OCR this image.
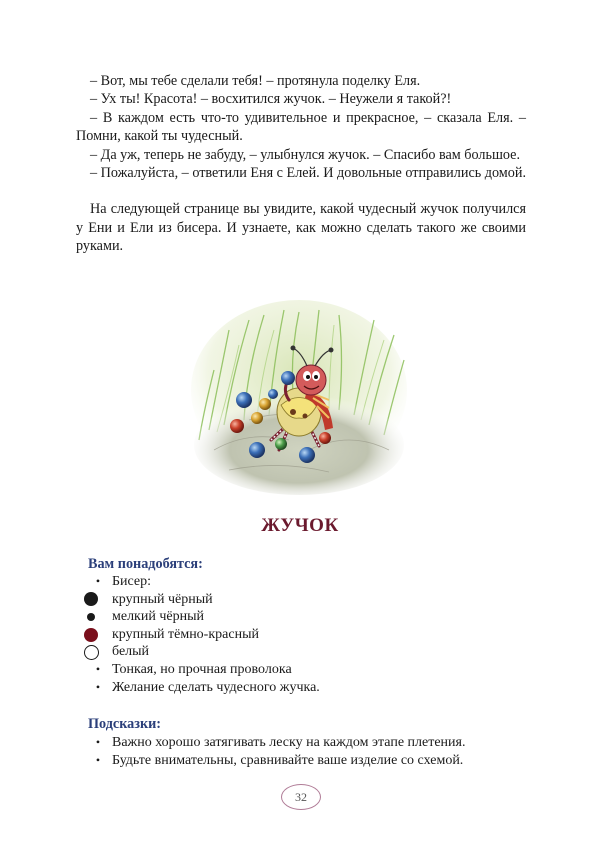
– Вот, мы тебе сделали тебя! – протянула поделку Еля.

– Ух ты! Красота! – восхитился жучок. – Неужели я такой?!

– В каждом есть что-то удивительное и прекрасное, – сказала Еля. – Помни, какой ты чудесный.

– Да уж, теперь не забуду, – улыбнулся жучок. – Спасибо вам большое.

– Пожалуйста, – ответили Еня с Елей. И довольные отправились домой.

На следующей странице вы увидите, какой чудесный жучок получился у Ени и Ели из бисера. И узнаете, как можно сделать такого же своими руками.

ЖУЧОК
Вам понадобятся:
• Бисер:
крупный чёрный
мелкий чёрный
крупный тёмно-красный
белый
• Тонкая, но прочная проволока
• Желание сделать чудесного жучка.
Подсказки:
• Важно хорошо затягивать леску на каждом этапе плетения.
• Будьте внимательны, сравнивайте ваше изделие со схемой.
32
